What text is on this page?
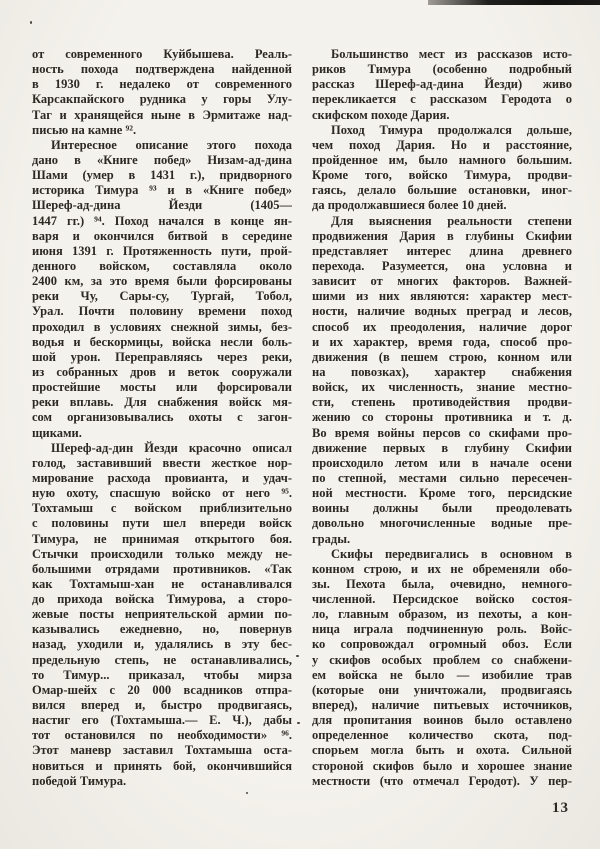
от современного Куйбышева. Реаль-
ность похода подтверждена найденной
в 1930 г. недалеко от современного
Карсакпайского рудника у горы Улу-
Таг и хранящейся ныне в Эрмитаже над-
писью на камне ⁹².
Интересное описание этого похода
дано в «Книге побед» Низам-ад-дина
Шами (умер в 1431 г.), придворного
историка Тимура ⁹³ и в «Книге побед»
Шереф-ад-дина Йезди (1405—
1447 гг.) ⁹⁴. Поход начался в конце ян-
варя и окончился битвой в середине
июня 1391 г. Протяженность пути, прой-
денного войском, составляла около
2400 км, за это время были форсированы
реки Чу, Сары-су, Тургай, Тобол,
Урал. Почти половину времени поход
проходил в условиях снежной зимы, без-
водья и бескормицы, войска несли боль-
шой урон. Переправляясь через реки,
из собранных дров и веток сооружали
простейшие мосты или форсировали
реки вплавь. Для снабжения войск мя-
сом организовывались охоты с загон-
щиками.
Шереф-ад-дин Йезди красочно описал
голод, заставивший ввести жесткое нор-
мирование расхода провианта, и удач-
ную охоту, спасшую войско от него ⁹⁵.
Тохтамыш с войском приблизительно
с половины пути шел впереди войск
Тимура, не принимая открытого боя.
Стычки происходили только между не-
большими отрядами противников. «Так
как Тохтамыш-хан не останавливался
до прихода войска Тимурова, а сторо-
жевые посты неприятельской армии по-
казывались ежедневно, но, повернув
назад, уходили и, удалялись в эту бес-
предельную степь, не останавливались,
то Тимур... приказал, чтобы мирза
Омар-шейх с 20 000 всадников отпра-
вился вперед и, быстро продвигаясь,
настиг его (Тохтамыша.— Е. Ч.), дабы
тот остановился по необходимости» ⁹⁶.
Этот маневр заставил Тохтамыша оста-
новиться и принять бой, окончившийся
победой Тимура.
Большинство мест из рассказов исто-
риков Тимура (особенно подробный
рассказ Шереф-ад-дина Йезди) живо
перекликается с рассказом Геродота о
скифском походе Дария.
Поход Тимура продолжался дольше,
чем поход Дария. Но и расстояние,
пройденное им, было намного большим.
Кроме того, войско Тимура, продви-
гаясь, делало большие остановки, иног-
да продолжавшиеся более 10 дней.
Для выяснения реальности степени
продвижения Дария в глубины Скифии
представляет интерес длина древнего
перехода. Разумеется, она условна и
зависит от многих факторов. Важней-
шими из них являются: характер мест-
ности, наличие водных преград и лесов,
способ их преодоления, наличие дорог
и их характер, время года, способ про-
движения (в пешем строю, конном или
на повозках), характер снабжения
войск, их численность, знание местно-
сти, степень противодействия продви-
жению со стороны противника и т. д.
Во время войны персов со скифами про-
движение первых в глубину Скифии
происходило летом или в начале осени
по степной, местами сильно пересечен-
ной местности. Кроме того, персидские
воины должны были преодолевать
довольно многочисленные водные пре-
грады.
Скифы передвигались в основном в
конном строю, и их не обременяли обо-
зы. Пехота была, очевидно, немного-
численной. Персидское войско состоя-
ло, главным образом, из пехоты, а кон-
ница играла подчиненную роль. Войс-
ко сопровождал огромный обоз. Если
у скифов особых проблем со снабжени-
ем войска не было — изобилие трав
(которые они уничтожали, продвигаясь
вперед), наличие питьевых источников,
для пропитания воинов было оставлено
определенное количество скота, под-
спорьем могла быть и охота. Сильной
стороной скифов было и хорошее знание
местности (что отмечал Геродот). У пер-
13
